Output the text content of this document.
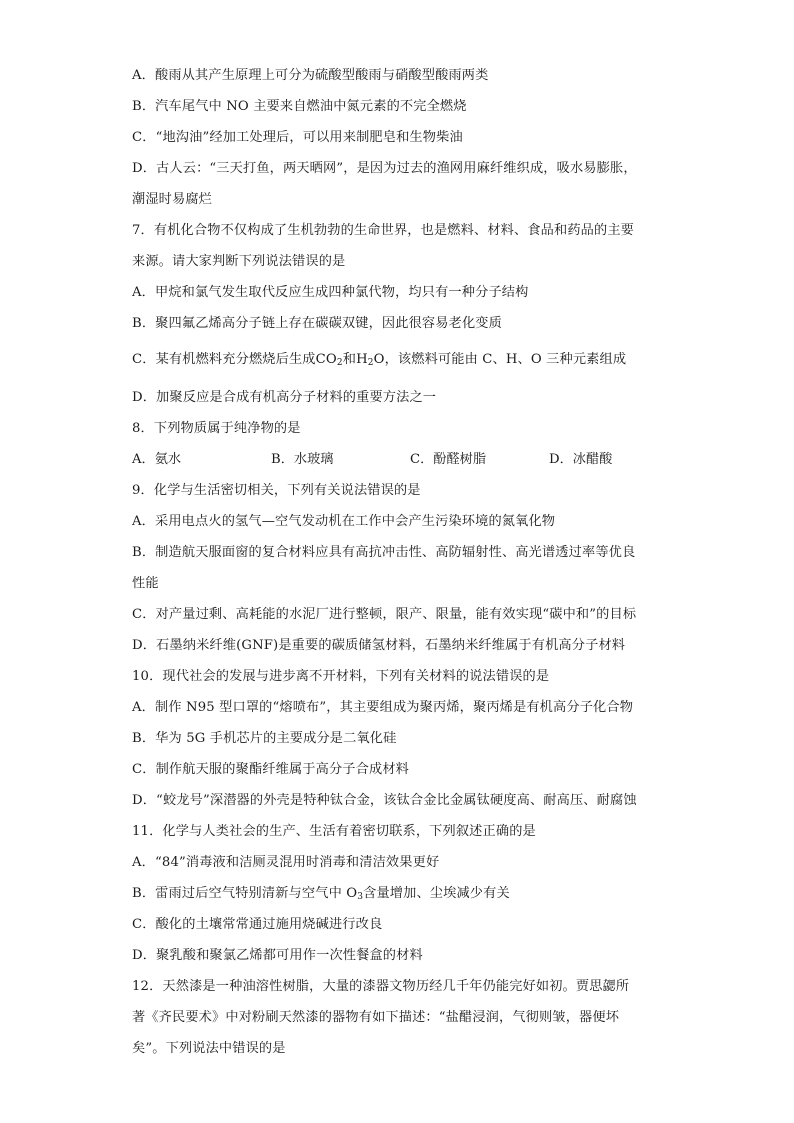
A．酸雨从其产生原理上可分为硫酸型酸雨与硝酸型酸雨两类
B．汽车尾气中 NO 主要来自燃油中氮元素的不完全燃烧
C．“地沟油”经加工处理后，可以用来制肥皂和生物柴油
D．古人云：“三天打鱼，两天晒网”，是因为过去的渔网用麻纤维织成，吸水易膨胀，
潮湿时易腐烂
7．有机化合物不仅构成了生机勃勃的生命世界，也是燃料、材料、食品和药品的主要
来源。请大家判断下列说法错误的是
A．甲烷和氯气发生取代反应生成四种氯代物，均只有一种分子结构
B．聚四氟乙烯高分子链上存在碳碳双键，因此很容易老化变质
C．某有机燃料充分燃烧后生成$CO_2$和$H_2O$，该燃料可能由 C、H、O 三种元素组成
D．加聚反应是合成有机高分子材料的重要方法之一
8．下列物质属于纯净物的是
A．氨水	B．水玻璃	C．酚醛树脂	D．冰醋酸
9．化学与生活密切相关，下列有关说法错误的是
A．采用电点火的氢气—空气发动机在工作中会产生污染环境的氮氧化物
B．制造航天服面窗的复合材料应具有高抗冲击性、高防辐射性、高光谱透过率等优良
性能
C．对产量过剩、高耗能的水泥厂进行整顿，限产、限量，能有效实现“碳中和”的目标
D．石墨纳米纤维(GNF)是重要的碳质储氢材料，石墨纳米纤维属于有机高分子材料
10．现代社会的发展与进步离不开材料，下列有关材料的说法错误的是
A．制作 N95 型口罩的“熔喷布”，其主要组成为聚丙烯，聚丙烯是有机高分子化合物
B．华为 5G 手机芯片的主要成分是二氧化硅
C．制作航天服的聚酯纤维属于高分子合成材料
D．“蛟龙号”深潜器的外壳是特种钛合金，该钛合金比金属钛硬度高、耐高压、耐腐蚀
11．化学与人类社会的生产、生活有着密切联系，下列叙述正确的是
A．“84”消毒液和洁厕灵混用时消毒和清洁效果更好
B．雷雨过后空气特别清新与空气中 $O_3$含量增加、尘埃减少有关
C．酸化的土壤常常通过施用烧碱进行改良
D．聚乳酸和聚氯乙烯都可用作一次性餐盒的材料
12．天然漆是一种油溶性树脂，大量的漆器文物历经几千年仍能完好如初。贾思勰所
著《齐民要术》中对粉刷天然漆的器物有如下描述：“盐醋浸润，气彻则皱，器便坏
矣”。下列说法中错误的是
